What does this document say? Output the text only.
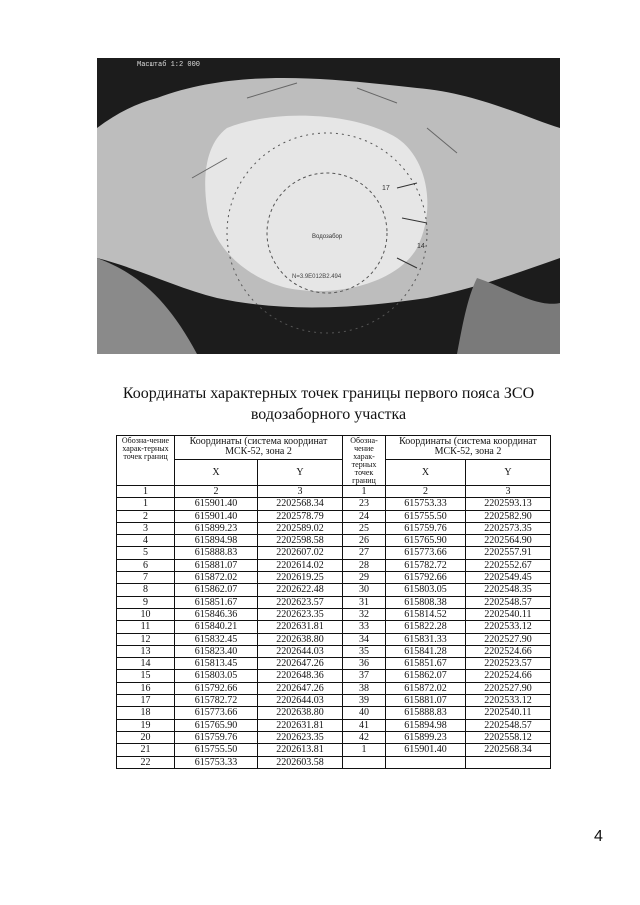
17
14
Водозабор
N=3.9E012B2.494
Масштаб 1:2 000
Координаты характерных точек границы первого пояса ЗСО
водозаборного участка
Обозна-чение харак-терных точек границ	Координаты (система координат МСК-52, зона 2		Обозна-чение харак-терных точек границ	Координаты (система координат МСК-52, зона 2	
	X	Y		X	Y
1	2	3	1	2	3
1	615901.40	2202568.34	23	615753.33	2202593.13
2	615901.40	2202578.79	24	615755.50	2202582.90
3	615899.23	2202589.02	25	615759.76	2202573.35
4	615894.98	2202598.58	26	615765.90	2202564.90
5	615888.83	2202607.02	27	615773.66	2202557.91
6	615881.07	2202614.02	28	615782.72	2202552.67
7	615872.02	2202619.25	29	615792.66	2202549.45
8	615862.07	2202622.48	30	615803.05	2202548.35
9	615851.67	2202623.57	31	615808.38	2202548.57
10	615846.36	2202623.35	32	615814.52	2202540.11
11	615840.21	2202631.81	33	615822.28	2202533.12
12	615832.45	2202638.80	34	615831.33	2202527.90
13	615823.40	2202644.03	35	615841.28	2202524.66
14	615813.45	2202647.26	36	615851.67	2202523.57
15	615803.05	2202648.36	37	615862.07	2202524.66
16	615792.66	2202647.26	38	615872.02	2202527.90
17	615782.72	2202644.03	39	615881.07	2202533.12
18	615773.66	2202638.80	40	615888.83	2202540.11
19	615765.90	2202631.81	41	615894.98	2202548.57
20	615759.76	2202623.35	42	615899.23	2202558.12
21	615755.50	2202613.81	1	615901.40	2202568.34
22	615753.33	2202603.58			
4
